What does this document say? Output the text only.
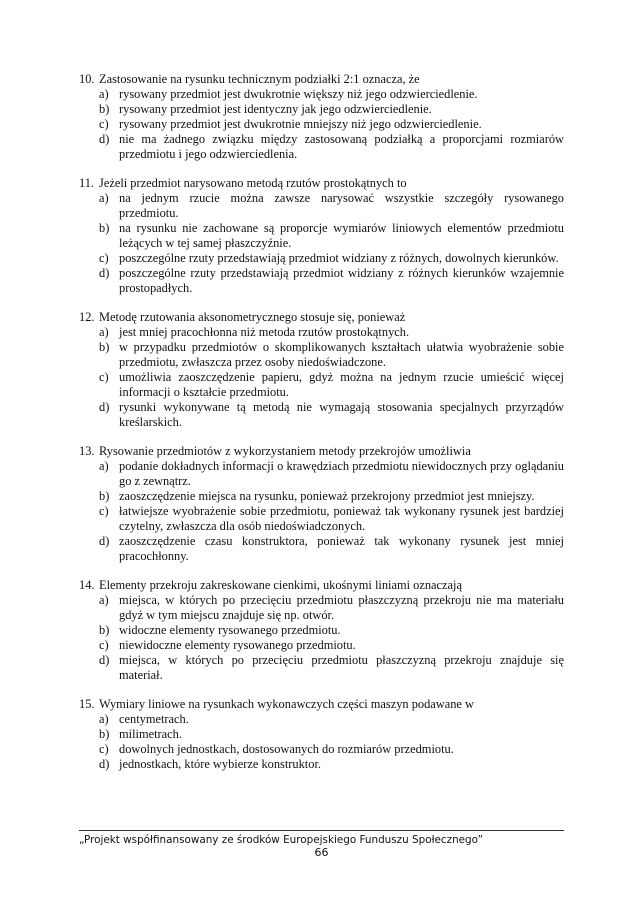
10. Zastosowanie na rysunku technicznym podziałki 2:1 oznacza, że
a) rysowany przedmiot jest dwukrotnie większy niż jego odzwierciedlenie.
b) rysowany przedmiot jest identyczny jak jego odzwierciedlenie.
c) rysowany przedmiot jest dwukrotnie mniejszy niż jego odzwierciedlenie.
d) nie ma żadnego związku między zastosowaną podziałką a proporcjami rozmiarów przedmiotu i jego odzwierciedlenia.
11. Jeżeli przedmiot narysowano metodą rzutów prostokątnych to
a) na jednym rzucie można zawsze narysować wszystkie szczegóły rysowanego przedmiotu.
b) na rysunku nie zachowane są proporcje wymiarów liniowych elementów przedmiotu leżących w tej samej płaszczyźnie.
c) poszczególne rzuty przedstawiają przedmiot widziany z różnych, dowolnych kierunków.
d) poszczególne rzuty przedstawiają przedmiot widziany z różnych kierunków wzajemnie prostopadłych.
12. Metodę rzutowania aksonometrycznego stosuje się, ponieważ
a) jest mniej pracochłonna niż metoda rzutów prostokątnych.
b) w przypadku przedmiotów o skomplikowanych kształtach ułatwia wyobrażenie sobie przedmiotu, zwłaszcza przez osoby niedoświadczone.
c) umożliwia zaoszczędzenie papieru, gdyż można na jednym rzucie umieścić więcej informacji o kształcie przedmiotu.
d) rysunki wykonywane tą metodą nie wymagają stosowania specjalnych przyrządów kreślarskich.
13. Rysowanie przedmiotów z wykorzystaniem metody przekrojów umożliwia
a) podanie dokładnych informacji o krawędziach przedmiotu niewidocznych przy oglądaniu go z zewnątrz.
b) zaoszczędzenie miejsca na rysunku, ponieważ przekrojony przedmiot jest mniejszy.
c) łatwiejsze wyobrażenie sobie przedmiotu, ponieważ tak wykonany rysunek jest bardziej czytelny, zwłaszcza dla osób niedoświadczonych.
d) zaoszczędzenie czasu konstruktora, ponieważ tak wykonany rysunek jest mniej pracochłonny.
14. Elementy przekroju zakreskowane cienkimi, ukośnymi liniami oznaczają
a) miejsca, w których po przecięciu przedmiotu płaszczyzną przekroju nie ma materiału gdyż w tym miejscu znajduje się np. otwór.
b) widoczne elementy rysowanego przedmiotu.
c) niewidoczne elementy rysowanego przedmiotu.
d) miejsca, w których po przecięciu przedmiotu płaszczyzną przekroju znajduje się materiał.
15. Wymiary liniowe na rysunkach wykonawczych części maszyn podawane w
a) centymetrach.
b) milimetrach.
c) dowolnych jednostkach, dostosowanych do rozmiarów przedmiotu.
d) jednostkach, które wybierze konstruktor.
„Projekt współfinansowany ze środków Europejskiego Funduszu Społecznego”
66
